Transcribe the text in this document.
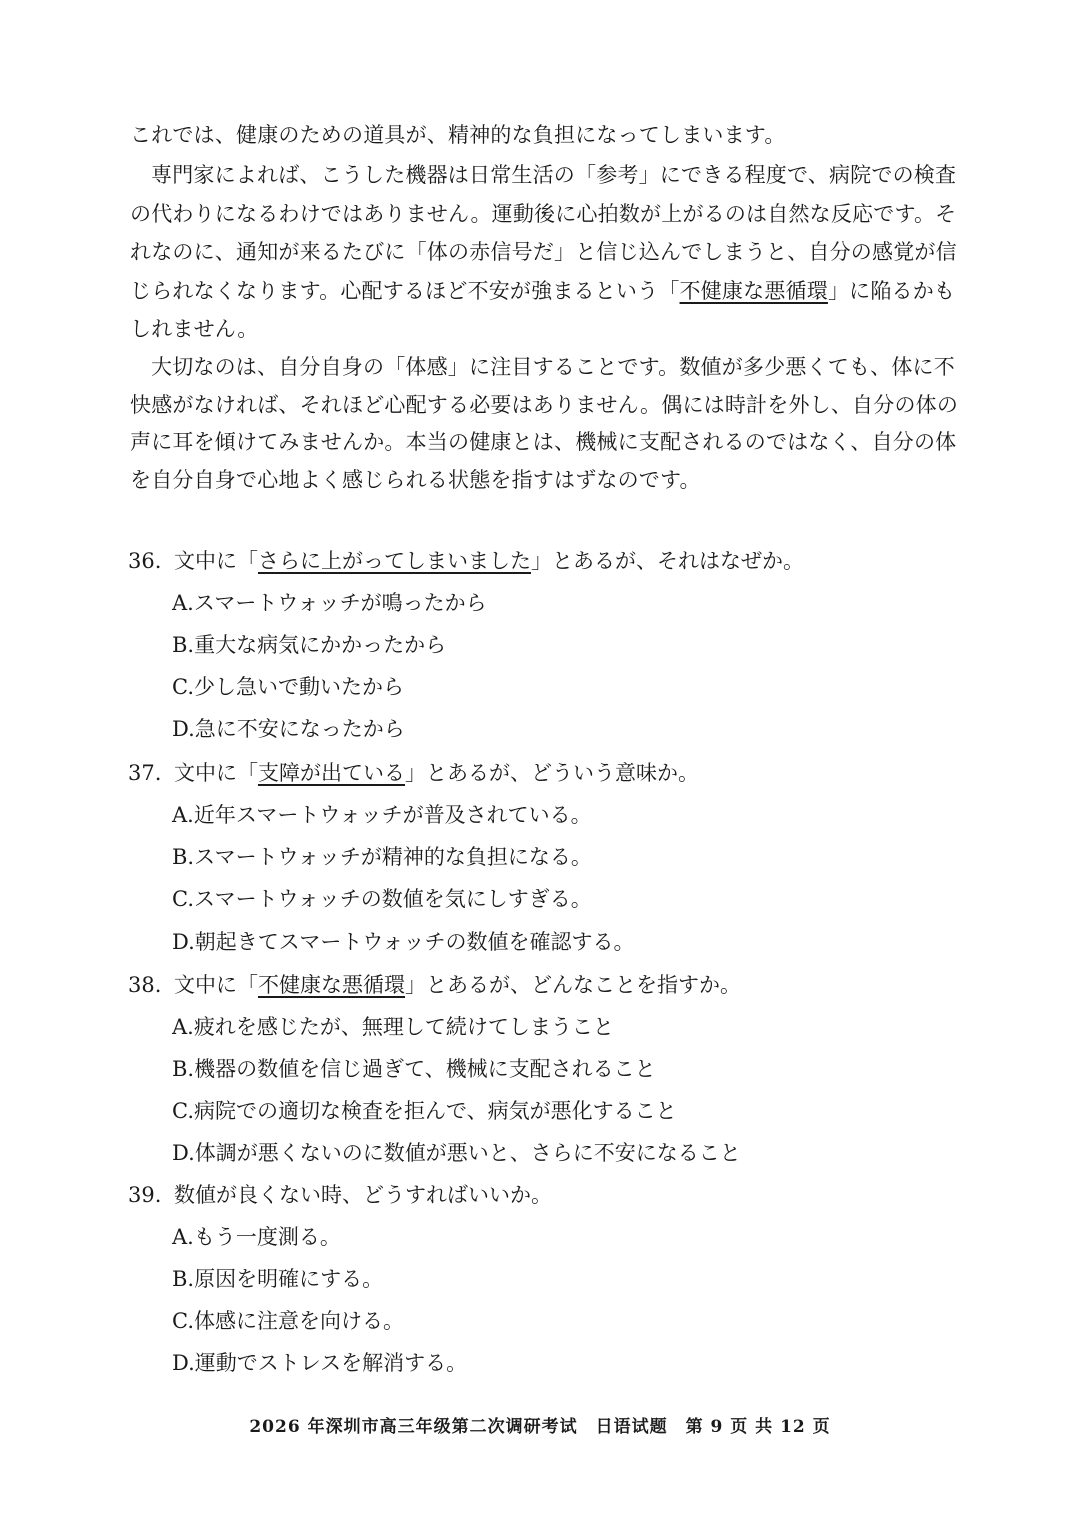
これでは、健康のための道具が、精神的な負担になってしまいます。
専門家によれば、こうした機器は日常生活の「参考」にできる程度で、病院での検査
の代わりになるわけではありません。運動後に心拍数が上がるのは自然な反応です。そ
れなのに、通知が来るたびに「体の赤信号だ」と信じ込んでしまうと、自分の感覚が信
じられなくなります。心配するほど不安が強まるという「不健康な悪循環」に陥るかも
しれません。
大切なのは、自分自身の「体感」に注目することです。数値が多少悪くても、体に不
快感がなければ、それほど心配する必要はありません。偶には時計を外し、自分の体の
声に耳を傾けてみませんか。本当の健康とは、機械に支配されるのではなく、自分の体
を自分自身で心地よく感じられる状態を指すはずなのです。
36. 文中に「さらに上がってしまいました」とあるが、それはなぜか。
A.スマートウォッチが鳴ったから
B.重大な病気にかかったから
C.少し急いで動いたから
D.急に不安になったから
37. 文中に「支障が出ている」とあるが、どういう意味か。
A.近年スマートウォッチが普及されている。
B.スマートウォッチが精神的な負担になる。
C.スマートウォッチの数値を気にしすぎる。
D.朝起きてスマートウォッチの数値を確認する。
38. 文中に「不健康な悪循環」とあるが、どんなことを指すか。
A.疲れを感じたが、無理して続けてしまうこと
B.機器の数値を信じ過ぎて、機械に支配されること
C.病院での適切な検査を拒んで、病気が悪化すること
D.体調が悪くないのに数値が悪いと、さらに不安になること
39. 数値が良くない時、どうすればいいか。
A.もう一度測る。
B.原因を明確にする。
C.体感に注意を向ける。
D.運動でストレスを解消する。
2026 年深圳市高三年级第二次调研考试　日语试题　第 9 页 共 12 页
